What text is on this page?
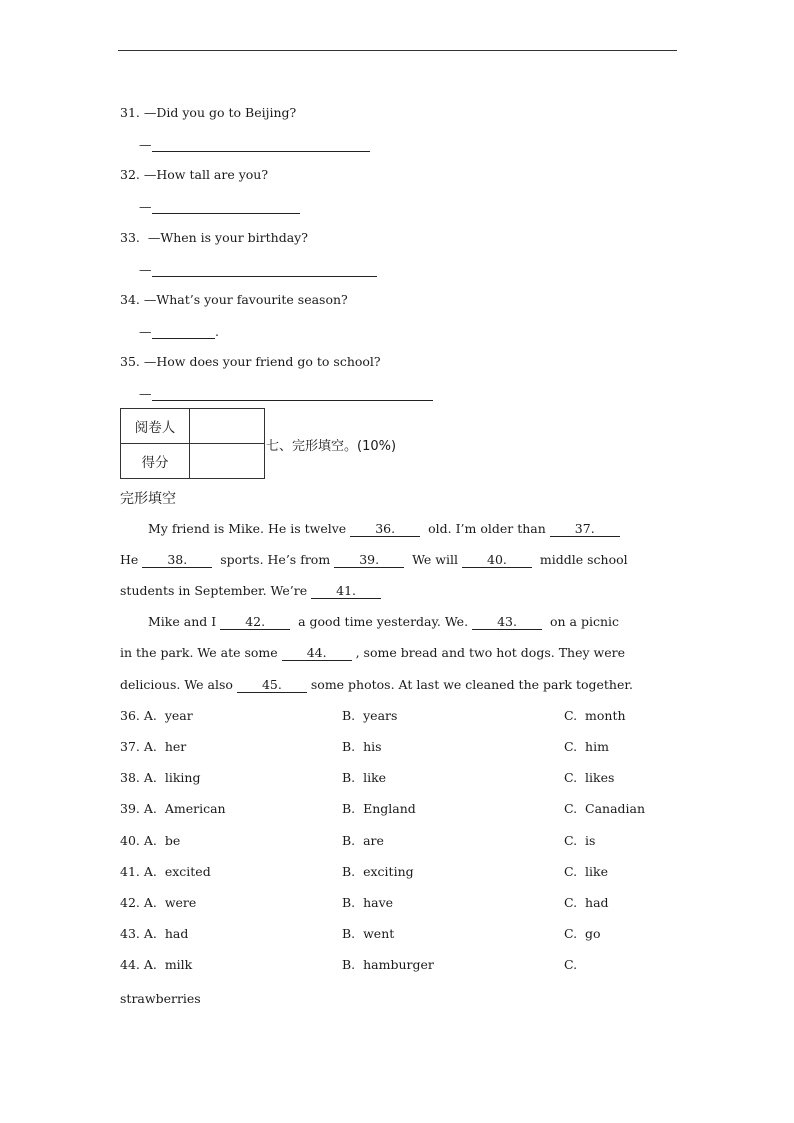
31. —Did you go to Beijing?
—
32. —How tall are you?
—
33.  —When is your birthday?
—
34. —What’s your favourite season?
—	.
35. —How does your friend go to school?
—
阅卷人	
得分	
七、完形填空。(10%)
完形填空
My friend is Mike. He is twelve 36.  old. I’m older than 37.
He 38.  sports. He’s from 39.  We will 40.  middle school
students in September. We’re 41.
Mike and I 42.  a good time yesterday. We. 43.  on a picnic
in the park. We ate some 44. , some bread and two hot dogs. They were
delicious. We also 45. some photos. At last we cleaned the park together.
36. A.  year	B.  years	C.  month
37. A.  her	B.  his	C.  him
38. A.  liking	B.  like	C.  likes
39. A.  American	B.  England	C.  Canadian
40. A.  be	B.  are	C.  is
41. A.  excited	B.  exciting	C.  like
42. A.  were	B.  have	C.  had
43. A.  had	B.  went	C.  go
44. A.  milk	B.  hamburger	C.
strawberries
